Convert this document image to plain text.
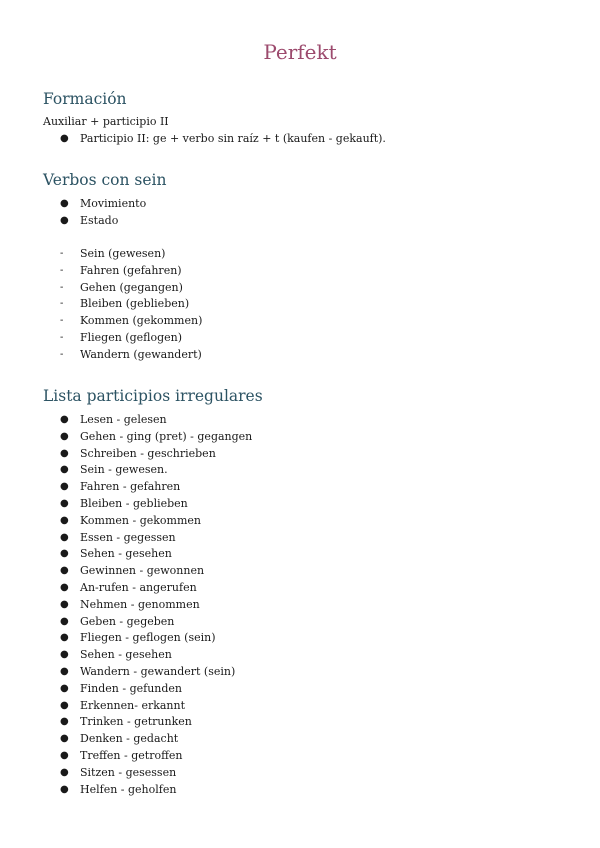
Perfekt
Formación
Auxiliar + participio II
● Participio II: ge + verbo sin raíz + t (kaufen - gekauft).
Verbos con sein
● Movimiento
● Estado
-	Sein (gewesen)
-	Fahren (gefahren)
-	Gehen (gegangen)
-	Bleiben (geblieben)
-	Kommen (gekommen)
-	Fliegen (geflogen)
-	Wandern (gewandert)
Lista participios irregulares
● Lesen - gelesen
● Gehen - ging (pret) - gegangen
● Schreiben - geschrieben
● Sein - gewesen.
● Fahren - gefahren
● Bleiben - geblieben
● Kommen - gekommen
● Essen - gegessen
● Sehen - gesehen
● Gewinnen - gewonnen
● An-rufen - angerufen
● Nehmen - genommen
● Geben - gegeben
● Fliegen - geflogen (sein)
● Sehen - gesehen
● Wandern - gewandert (sein)
● Finden - gefunden
● Erkennen- erkannt
● Trinken - getrunken
● Denken - gedacht
● Treffen - getroffen
● Sitzen - gesessen
● Helfen - geholfen
